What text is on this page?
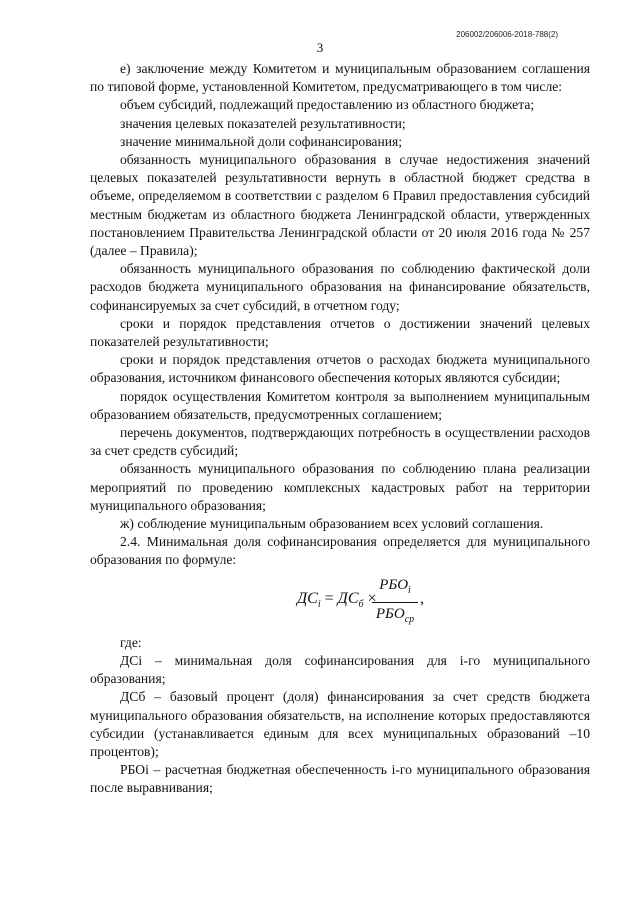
206002/206006-2018-788(2)
3

е) заключение между Комитетом и муниципальным образованием соглашения по типовой форме, установленной Комитетом, предусматривающего в том числе:

объем субсидий, подлежащий предоставлению из областного бюджета;

значения целевых показателей результативности;

значение минимальной доли софинансирования;

обязанность муниципального образования в случае недостижения значений целевых показателей результативности вернуть в областной бюджет средства в объеме, определяемом в соответствии с разделом 6 Правил предоставления субсидий местным бюджетам из областного бюджета Ленинградской области, утвержденных постановлением Правительства Ленинградской области от 20 июля 2016 года № 257 (далее – Правила);

обязанность муниципального образования по соблюдению фактической доли расходов бюджета муниципального образования на финансирование обязательств, софинансируемых за счет субсидий, в отчетном году;

сроки и порядок представления отчетов о достижении значений целевых показателей результативности;

сроки и порядок представления отчетов о расходах бюджета муниципального образования, источником финансового обеспечения которых являются субсидии;

порядок осуществления Комитетом контроля за выполнением муниципальным образованием обязательств, предусмотренных соглашением;

перечень документов, подтверждающих потребность в осуществлении расходов за счет средств субсидий;

обязанность муниципального образования по соблюдению плана реализации мероприятий по проведению комплексных кадастровых работ на территории муниципального образования;

ж) соблюдение муниципальным образованием всех условий соглашения.

2.4. Минимальная доля софинансирования определяется для муниципального образования по формуле:

$ДС_i = ДС_б$ ×
$РБО_i$
$РБО_{ср}$
,

где:

ДСi – минимальная доля софинансирования для i-го муниципального образования;

ДСб – базовый процент (доля) финансирования за счет средств бюджета муниципального образования обязательств, на исполнение которых предоставляются субсидии (устанавливается единым для всех муниципальных образований –10 процентов);

РБОi – расчетная бюджетная обеспеченность i-го муниципального образования после выравнивания;
